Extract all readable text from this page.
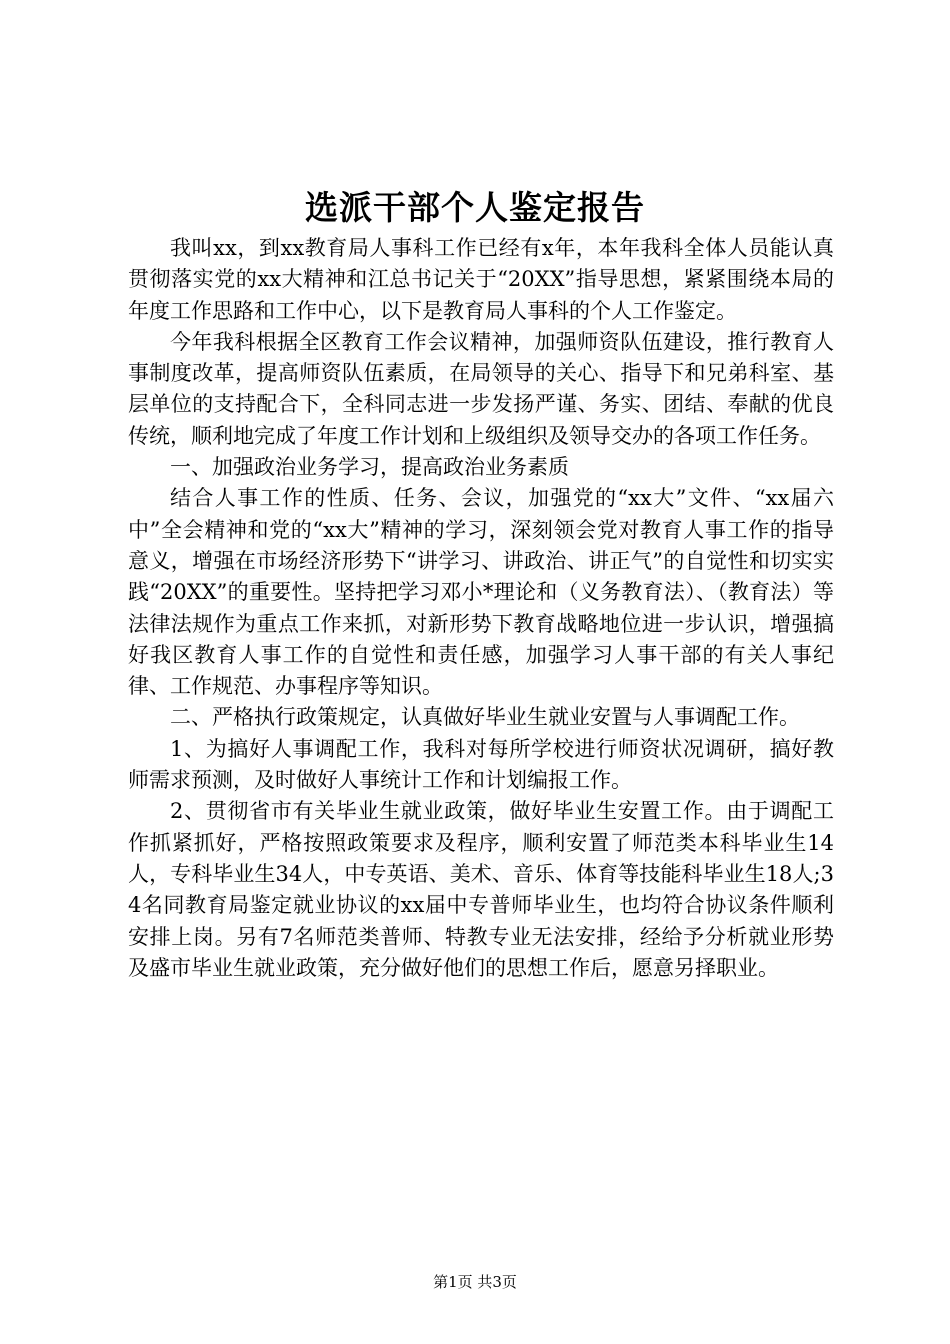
选派干部个人鉴定报告

我叫xx，到xx教育局人事科工作已经有x年，本年我科全体人员能认真贯彻落实党的xx大精神和江总书记关于“20XX”指导思想，紧紧围绕本局的年度工作思路和工作中心，以下是教育局人事科的个人工作鉴定。

今年我科根据全区教育工作会议精神，加强师资队伍建设，推行教育人事制度改革，提高师资队伍素质，在局领导的关心、指导下和兄弟科室、基层单位的支持配合下，全科同志进一步发扬严谨、务实、团结、奉献的优良传统，顺利地完成了年度工作计划和上级组织及领导交办的各项工作任务。

一、加强政治业务学习，提高政治业务素质

结合人事工作的性质、任务、会议，加强党的“xx大”文件、“xx届六中”全会精神和党的“xx大”精神的学习，深刻领会党对教育人事工作的指导意义，增强在市场经济形势下“讲学习、讲政治、讲正气”的自觉性和切实实践“20XX”的重要性。坚持把学习邓小*理论和（义务教育法）、（教育法）等法律法规作为重点工作来抓，对新形势下教育战略地位进一步认识，增强搞好我区教育人事工作的自觉性和责任感，加强学习人事干部的有关人事纪律、工作规范、办事程序等知识。

二、严格执行政策规定，认真做好毕业生就业安置与人事调配工作。

1、为搞好人事调配工作，我科对每所学校进行师资状况调研，搞好教师需求预测，及时做好人事统计工作和计划编报工作。

2、贯彻省市有关毕业生就业政策，做好毕业生安置工作。由于调配工作抓紧抓好，严格按照政策要求及程序，顺利安置了师范类本科毕业生14人，专科毕业生34人，中专英语、美术、音乐、体育等技能科毕业生18人;34名同教育局鉴定就业协议的xx届中专普师毕业生，也均符合协议条件顺利安排上岗。另有7名师范类普师、特教专业无法安排，经给予分析就业形势及盛市毕业生就业政策，充分做好他们的思想工作后，愿意另择职业。

第1页 共3页
